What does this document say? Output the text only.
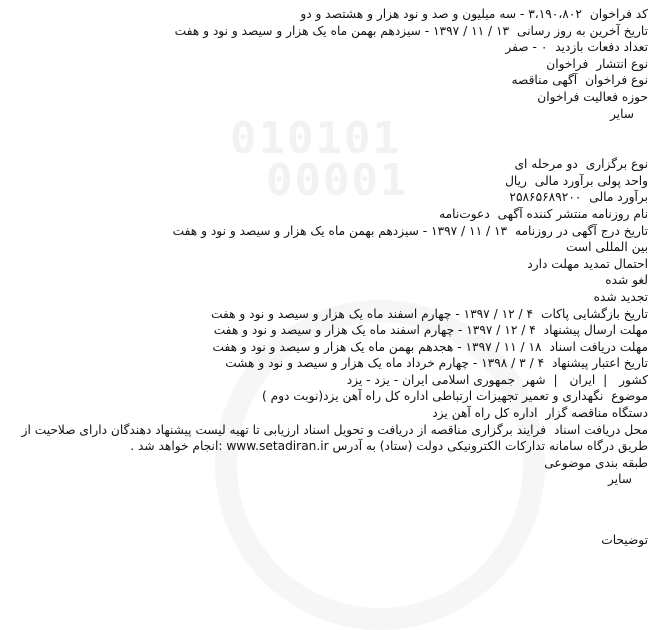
010101
00001
کد فراخوان ۳،۱۹۰،۸۰۲ - سه میلیون و صد و نود هزار و هشتصد و دو
تاریخ آخرین به روز رسانی ۱۳ / ۱۱ / ۱۳۹۷ - سیزدهم بهمن ماه یک هزار و سیصد و نود و هفت
تعداد دفعات بازدید ۰ - صفر
نوع انتشار فراخوان
نوع فراخوان آگهی مناقصه
حوزه فعالیت فراخوان
سایر
نوع برگزاری دو مرحله ای
واحد پولی برآورد مالی ریال
برآورد مالی ۲۵۸۶۵۶۸۹۲۰۰
نام روزنامه منتشر کننده آگهی دعوت‌نامه
تاریخ درج آگهی در روزنامه ۱۳ / ۱۱ / ۱۳۹۷ - سیزدهم بهمن ماه یک هزار و سیصد و نود و هفت
بین المللی است
احتمال تمدید مهلت دارد
لغو شده
تجدید شده
تاریخ بازگشایی پاکات ۴ / ۱۲ / ۱۳۹۷ - چهارم اسفند ماه یک هزار و سیصد و نود و هفت
مهلت ارسال پیشنهاد ۴ / ۱۲ / ۱۳۹۷ - چهارم اسفند ماه یک هزار و سیصد و نود و هفت
مهلت دریافت اسناد ۱۸ / ۱۱ / ۱۳۹۷ - هجدهم بهمن ماه یک هزار و سیصد و نود و هفت
تاریخ اعتبار پیشنهاد ۴ / ۳ / ۱۳۹۸ - چهارم خرداد ماه یک هزار و سیصد و نود و هشت
کشور | ایران | شهر جمهوری اسلامی ایران - یزد - یزد
موضوع نگهداری و تعمیر تجهیزات ارتباطی اداره کل راه آهن یزد(نوبت دوم )
دستگاه مناقصه گزار اداره کل راه آهن یزد
محل دریافت اسناد فرایند برگزاری مناقصه از دریافت و تحویل اسناد ارزیابی تا تهیه لیست پیشنهاد دهندگان دارای صلاحیت از طریق درگاه سامانه تدارکات الکترونیکی دولت (ستاد) به آدرس www.setadiran.ir :انجام خواهد شد .
طبقه بندی موضوعی
سایر
توضیحات
